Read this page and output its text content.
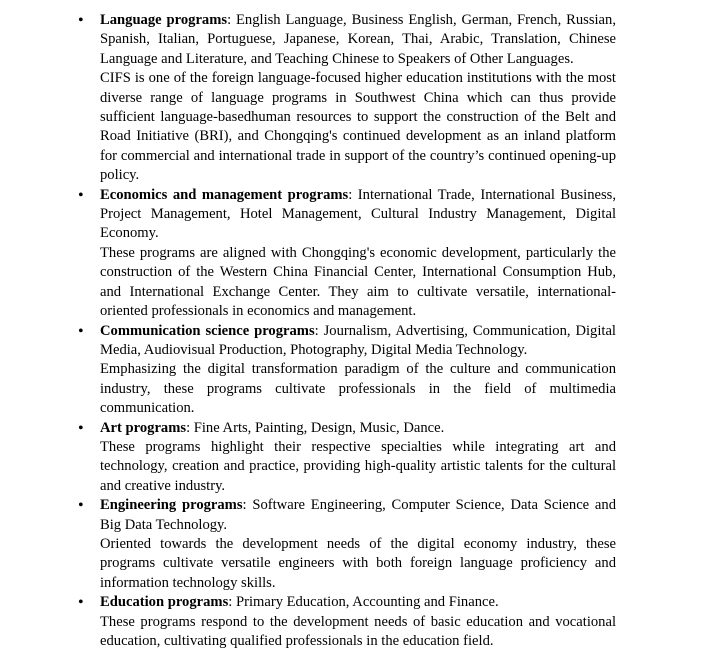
• Language programs: English Language, Business English, German, French, Russian, Spanish, Italian, Portuguese, Japanese, Korean, Thai, Arabic, Translation, Chinese Language and Literature, and Teaching Chinese to Speakers of Other Languages.

CIFS is one of the foreign language-focused higher education institutions with the most diverse range of language programs in Southwest China which can thus provide sufficient language-basedhuman resources to support the construction of the Belt and Road Initiative (BRI), and Chongqing's continued development as an inland platform for commercial and international trade in support of the country’s continued opening-up policy.

• Economics and management programs: International Trade, International Business, Project Management, Hotel Management, Cultural Industry Management, Digital Economy.

These programs are aligned with Chongqing's economic development, particularly the construction of the Western China Financial Center, International Consumption Hub, and International Exchange Center. They aim to cultivate versatile, international-oriented professionals in economics and management.

• Communication science programs: Journalism, Advertising, Communication, Digital Media, Audiovisual Production, Photography, Digital Media Technology.

Emphasizing the digital transformation paradigm of the culture and communication industry, these programs cultivate professionals in the field of multimedia communication.

• Art programs: Fine Arts, Painting, Design, Music, Dance.

These programs highlight their respective specialties while integrating art and technology, creation and practice, providing high-quality artistic talents for the cultural and creative industry.

• Engineering programs: Software Engineering, Computer Science, Data Science and Big Data Technology.

Oriented towards the development needs of the digital economy industry, these programs cultivate versatile engineers with both foreign language proficiency and information technology skills.

• Education programs: Primary Education, Accounting and Finance.

These programs respond to the development needs of basic education and vocational education, cultivating qualified professionals in the education field.
